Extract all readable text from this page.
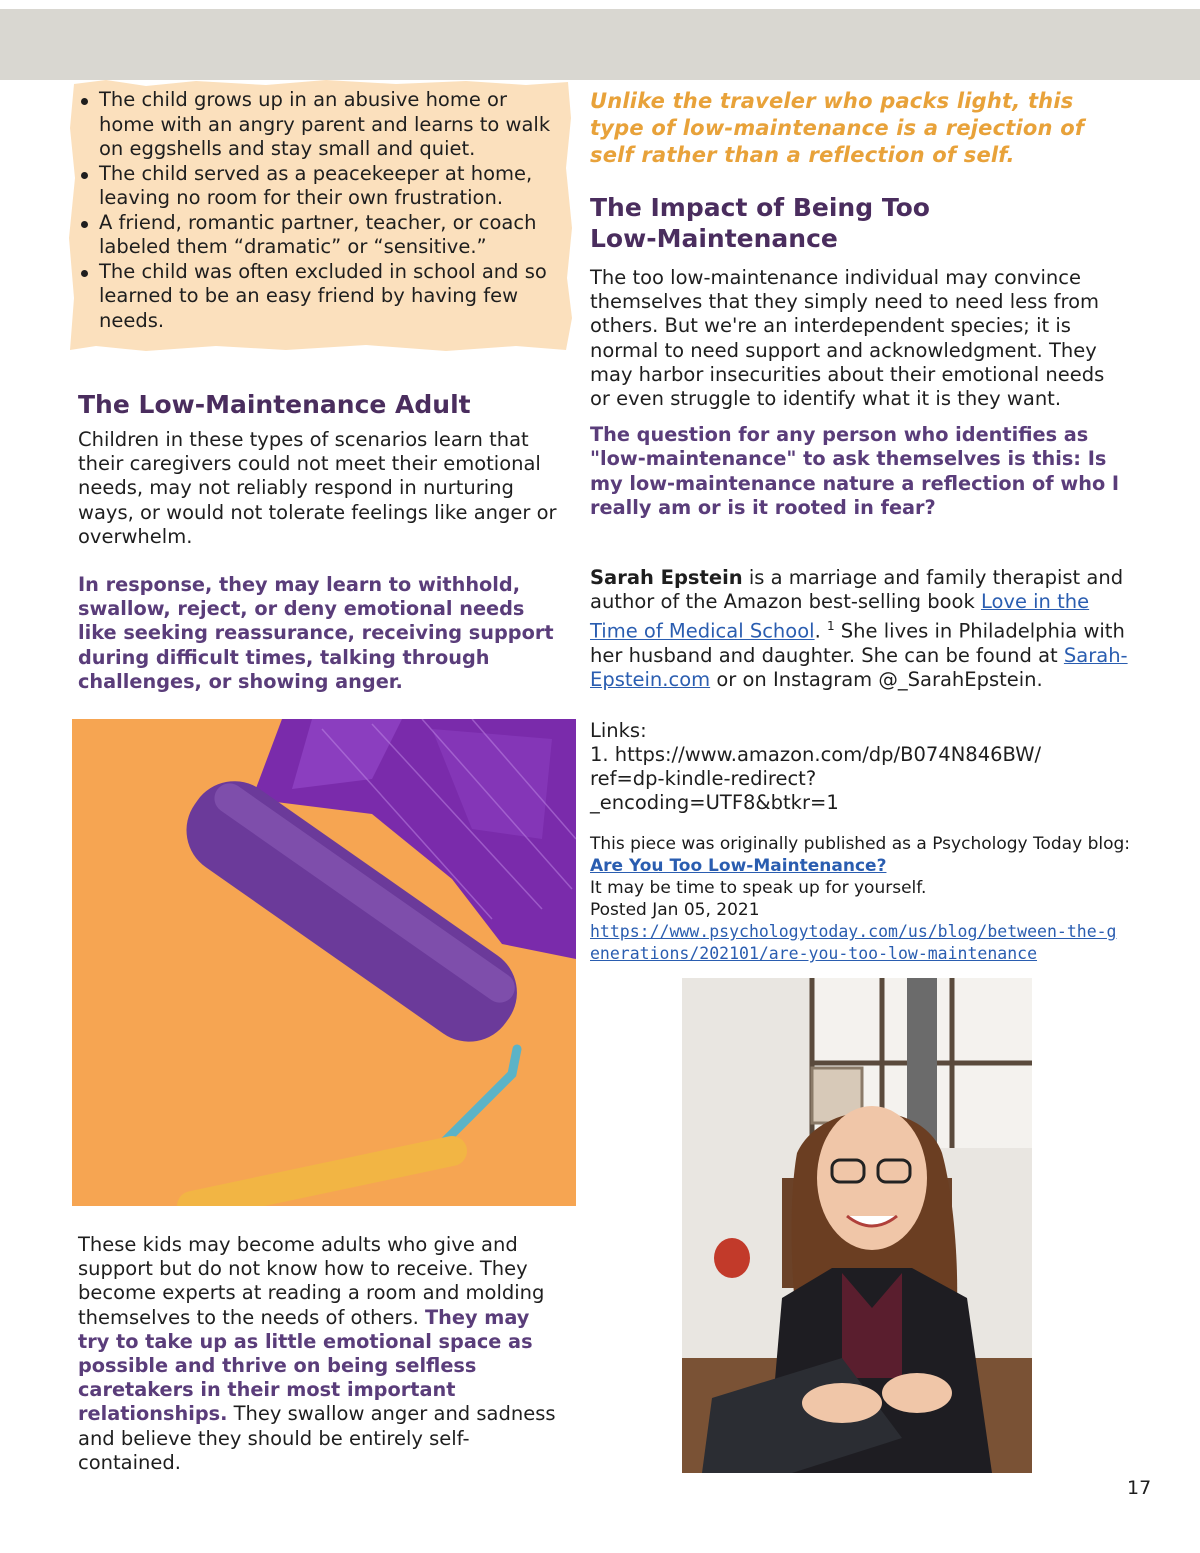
The child grows up in an abusive home or home with an angry parent and learns to walk on eggshells and stay small and quiet.
The child served as a peacekeeper at home, leaving no room for their own frustration.
A friend, romantic partner, teacher, or coach labeled them “dramatic” or “sensitive.”
The child was often excluded in school and so learned to be an easy friend by having few needs.
The Low-Maintenance Adult

Children in these types of scenarios learn that their caregivers could not meet their emotional needs, may not reliably respond in nurturing ways, or would not tolerate feelings like anger or overwhelm.

In response, they may learn to withhold, swallow, reject, or deny emotional needs like seeking reassurance, receiving support during difficult times, talking through challenges, or showing anger.

These kids may become adults who give and support but do not know how to receive. They become experts at reading a room and molding themselves to the needs of others. They may try to take up as little emotional space as possible and thrive on being selfless caretakers in their most important relationships. They swallow anger and sadness and believe they should be entirely self-contained.

Unlike the traveler who packs light, this type of low-maintenance is a rejection of self rather than a reflection of self.

The Impact of Being Too Low-Maintenance

The too low-maintenance individual may convince themselves that they simply need to need less from others. But we're an interdependent species; it is normal to need support and acknowledgment. They may harbor insecurities about their emotional needs or even struggle to identify what it is they want.

The question for any person who identifies as "low-maintenance" to ask themselves is this: Is my low-maintenance nature a reflection of who I really am or is it rooted in fear?

Sarah Epstein is a marriage and family therapist and author of the Amazon best-selling book Love in the Time of Medical School. $^1$ She lives in Philadelphia with her husband and daughter. She can be found at Sarah-Epstein.com or on Instagram @_SarahEpstein.

Links:

1. https://www.amazon.com/dp/B074N846BW/ ref=dp-kindle-redirect?_encoding=UTF8&btkr=1

This piece was originally published as a Psychology Today blog:

Are You Too Low-Maintenance?

It may be time to speak up for yourself.

Posted Jan 05, 2021

https://www.psychologytoday.com/us/blog/between-the-generations/202101/are-you-too-low-maintenance
17
